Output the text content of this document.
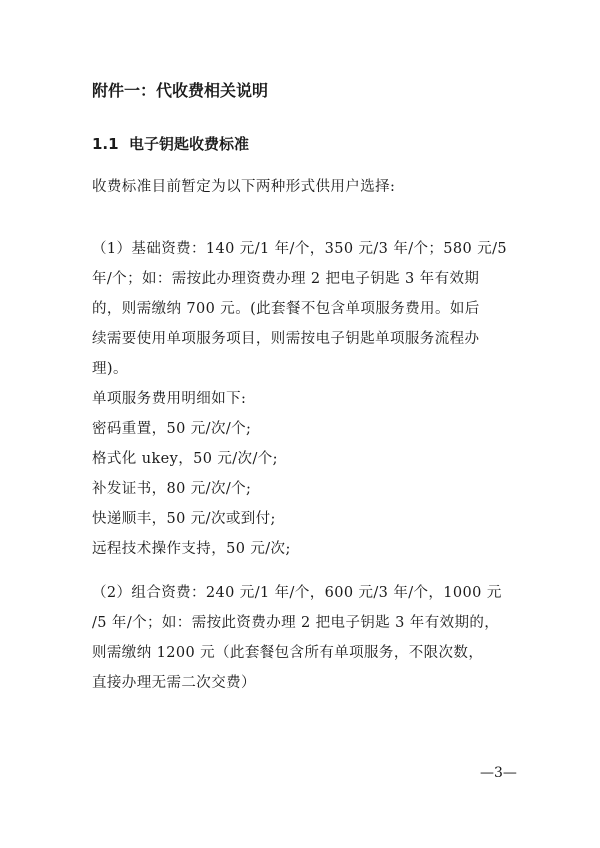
附件一：代收费相关说明
1.1 电子钥匙收费标准

收费标准目前暂定为以下两种形式供用户选择:

（1）基础资费：140 元/1 年/个，350 元/3 年/个；580 元/5
年/个；如：需按此办理资费办理 2 把电子钥匙 3 年有效期
的，则需缴纳 700 元。(此套餐不包含单项服务费用。如后
续需要使用单项服务项目，则需按电子钥匙单项服务流程办
理)。
单项服务费用明细如下:
密码重置，50 元/次/个;
格式化 ukey，50 元/次/个;
补发证书，80 元/次/个;
快递顺丰，50 元/次或到付;
远程技术操作支持，50 元/次;
（2）组合资费：240 元/1 年/个，600 元/3 年/个，1000 元
/5 年/个；如：需按此资费办理 2 把电子钥匙 3 年有效期的，
则需缴纳 1200 元（此套餐包含所有单项服务，不限次数，
直接办理无需二次交费）
—3—
